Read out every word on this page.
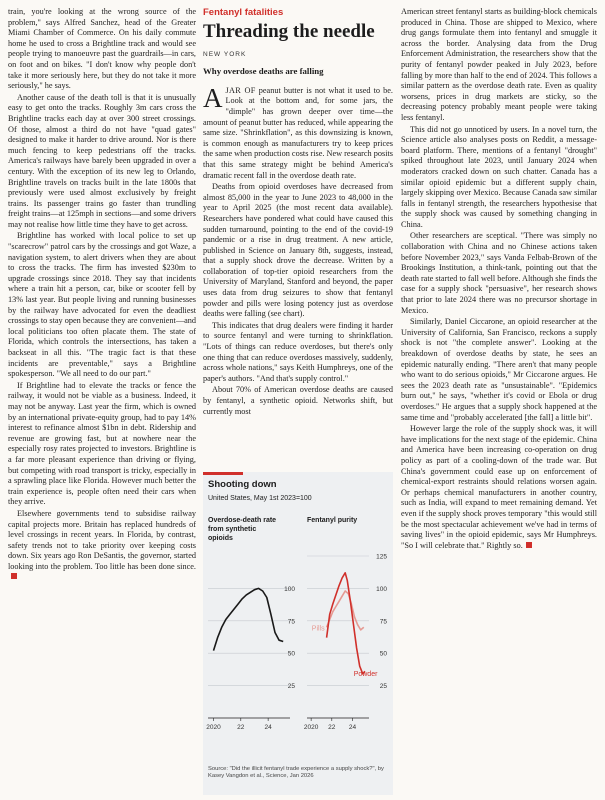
train, you're looking at the wrong source of the problem," says Alfred Sanchez, head of the Greater Miami Chamber of Commerce. On his daily commute home he used to cross a Brightline track and would see people trying to manoeuvre past the guardrails—in cars, on foot and on bikes. "I don't know why people don't take it more seriously here, but they do not take it more seriously," he says.

Another cause of the death toll is that it is unusually easy to get onto the tracks. Roughly 3m cars cross the Brightline tracks each day at over 300 street crossings. Of those, almost a third do not have "quad gates" designed to make it harder to drive around. Nor is there much fencing to keep pedestrians off the tracks. America's railways have barely been upgraded in over a century. With the exception of its new leg to Orlando, Brightline travels on tracks built in the late 1800s that previously were used almost exclusively by freight trains. Its passenger trains go faster than trundling freight trains—at 125mph in sections—and some drivers may not realise how little time they have to get across.

Brightline has worked with local police to set up "scarecrow" patrol cars by the crossings and got Waze, a navigation system, to alert drivers when they are about to cross the tracks. The firm has invested $230m to upgrade crossings since 2018. They say that incidents where a train hit a person, car, bike or scooter fell by 13% last year. But people living and running businesses by the railway have advocated for even the deadliest crossings to stay open because they are convenient—and local politicians too often placate them. The state of Florida, which controls the intersections, has taken a backseat in all this. "The tragic fact is that these incidents are preventable," says a Brightline spokesperson. "We all need to do our part."

If Brightline had to elevate the tracks or fence the railway, it would not be viable as a business. Indeed, it may not be anyway. Last year the firm, which is owned by an international private-equity group, had to pay 14% interest to refinance almost $1bn in debt. Ridership and revenue are growing fast, but at nowhere near the especially rosy rates projected to investors. Brightline is a far more pleasant experience than driving or flying, but competing with road transport is tricky, especially in a sprawling place like Florida. However much better the train experience is, people often need their cars when they arrive.

Elsewhere governments tend to subsidise railway capital projects more. Britain has replaced hundreds of level crossings in recent years. In Florida, by contrast, safety trends not to take priority over keeping costs down. Six years ago Ron DeSantis, the governor, started looking into the problem. Too little has been done since.

Fentanyl fatalities
Threading the needle
NEW YORK
Why overdose deaths are falling

AJAR OF peanut butter is not what it used to be. Look at the bottom and, for some jars, the "dimple" has grown deeper over time—the amount of peanut butter has reduced, while appearing the same size. "Shrinkflation", as this downsizing is known, is common enough as manufacturers try to keep prices the same when production costs rise. New research posits that this same strategy might be behind America's dramatic recent fall in the overdose death rate.

Deaths from opioid overdoses have decreased from almost 85,000 in the year to June 2023 to 48,000 in the year to April 2025 (the most recent data available). Researchers have pondered what could have caused this sudden turnaround, pointing to the end of the covid-19 pandemic or a rise in drug treatment. A new article, published in Science on January 8th, suggests, instead, that a supply shock drove the decrease. Written by a collaboration of top-tier opioid researchers from the University of Maryland, Stanford and beyond, the paper uses data from drug seizures to show that fentanyl powder and pills were losing potency just as overdose deaths were falling (see chart).

This indicates that drug dealers were finding it harder to source fentanyl and were turning to shrinkflation. "Lots of things can reduce overdoses, but there's only one thing that can reduce overdoses massively, suddenly, across whole nations," says Keith Humphreys, one of the paper's authors. "And that's supply control."

About 70% of American overdose deaths are caused by fentanyl, a synthetic opioid. Networks shift, but currently most

Shooting down
United States, May 1st 2023=100
Overdose-death rate
from synthetic
opioids
25
50
75
100
2020	22	24
Fentanyl purity
25
50
75
100
125
2020 22 24
Pills
Powder
Source: "Did the illicit fentanyl trade experience a supply shock?", by Kasey Vangdon et al., Science, Jan 2026

American street fentanyl starts as building-block chemicals produced in China. Those are shipped to Mexico, where drug gangs formulate them into fentanyl and smuggle it across the border. Analysing data from the Drug Enforcement Administration, the researchers show that the purity of fentanyl powder peaked in July 2023, before falling by more than half to the end of 2024. This follows a similar pattern as the overdose death rate. Even as quality worsens, prices in drug markets are sticky, so the decreasing potency probably meant people were taking less fentanyl.

This did not go unnoticed by users. In a novel turn, the Science article also analyses posts on Reddit, a message-board platform. There, mentions of a fentanyl "drought" spiked throughout late 2023, until January 2024 when moderators cracked down on such chatter. Canada has a similar opioid epidemic but a different supply chain, largely skipping over Mexico. Because Canada saw similar falls in fentanyl strength, the researchers hypothesise that the supply shock was caused by something changing in China.

Other researchers are sceptical. "There was simply no collaboration with China and no Chinese actions taken before November 2023," says Vanda Felbab-Brown of the Brookings Institution, a think-tank, pointing out that the death rate started to fall well before. Although she finds the case for a supply shock "persuasive", her research shows that prior to late 2024 there was no precursor shortage in Mexico.

Similarly, Daniel Ciccarone, an opioid researcher at the University of California, San Francisco, reckons a supply shock is not "the complete answer". Looking at the breakdown of overdose deaths by state, he sees an epidemic naturally ending. "There aren't that many people who want to do serious opioids," Mr Ciccarone argues. He sees the 2023 death rate as "unsustainable". "Epidemics burn out," he says, "whether it's covid or Ebola or drug overdoses." He argues that a supply shock happened at the same time and "probably accelerated [the fall] a little bit".

However large the role of the supply shock was, it will have implications for the next stage of the epidemic. China and America have been increasing co-operation on drug policy as part of a cooling-down of the trade war. But China's government could ease up on enforcement of chemical-export restraints should relations worsen again. Or perhaps chemical manufacturers in another country, such as India, will expand to meet remaining demand. Yet even if the supply shock proves temporary "this would still be the most spectacular achievement we've had in terms of saving lives" in the opioid epidemic, says Mr Humphreys. "So I will celebrate that." Rightly so.
